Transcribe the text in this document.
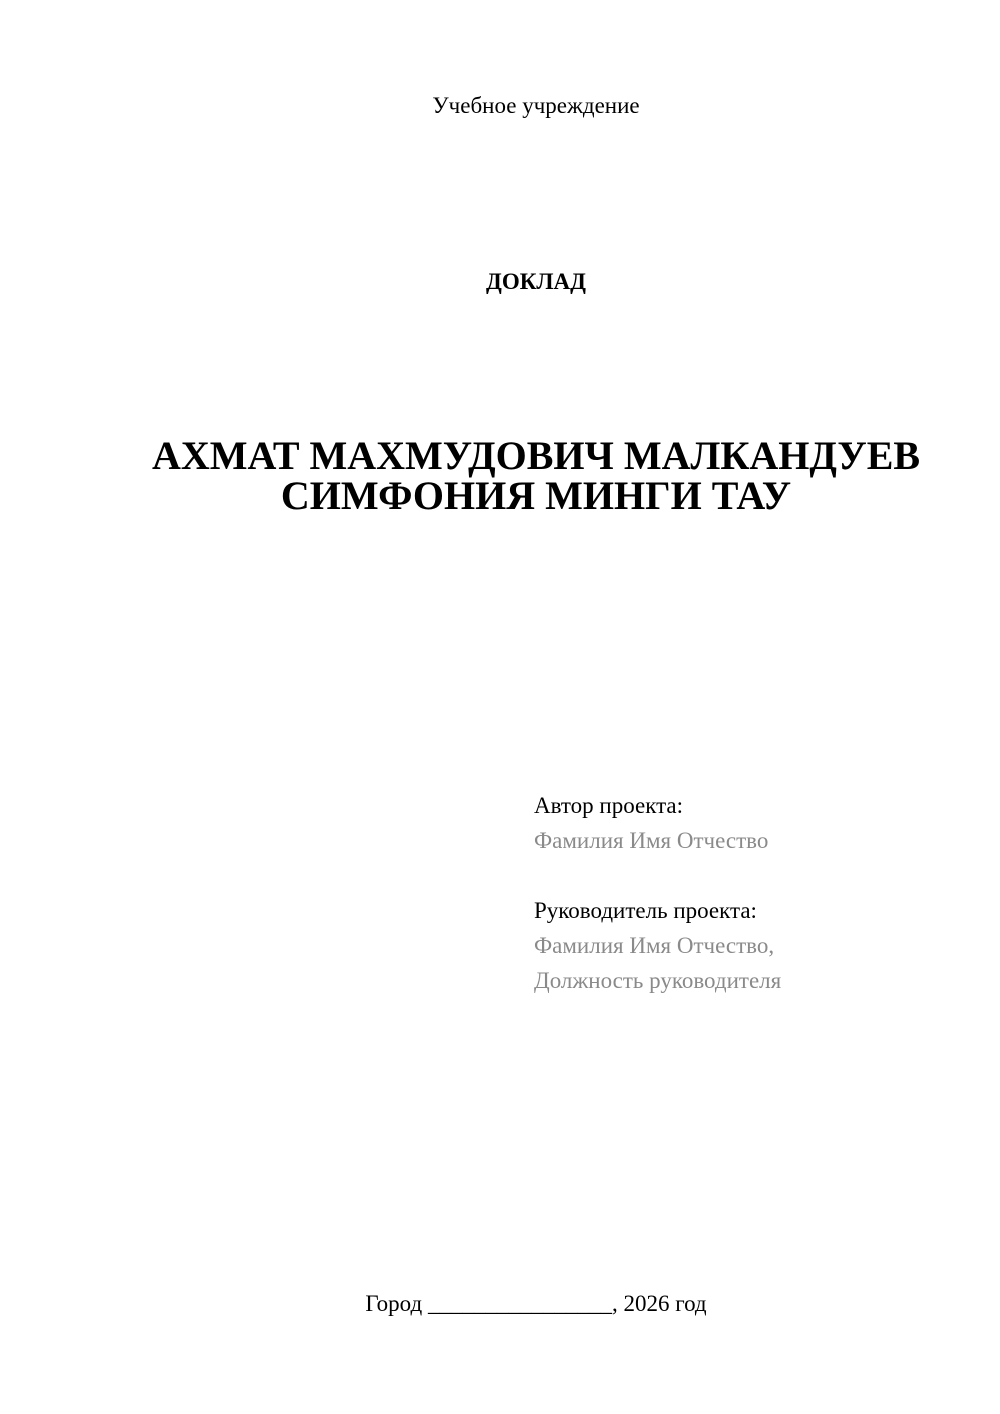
Учебное учреждение
ДОКЛАД
АХМАТ МАХМУДОВИЧ МАЛКАНДУЕВ
СИМФОНИЯ МИНГИ ТАУ
Автор проекта:
Фамилия Имя Отчество
Руководитель проекта:
Фамилия Имя Отчество,
Должность руководителя
Город ________________, 2026 год
